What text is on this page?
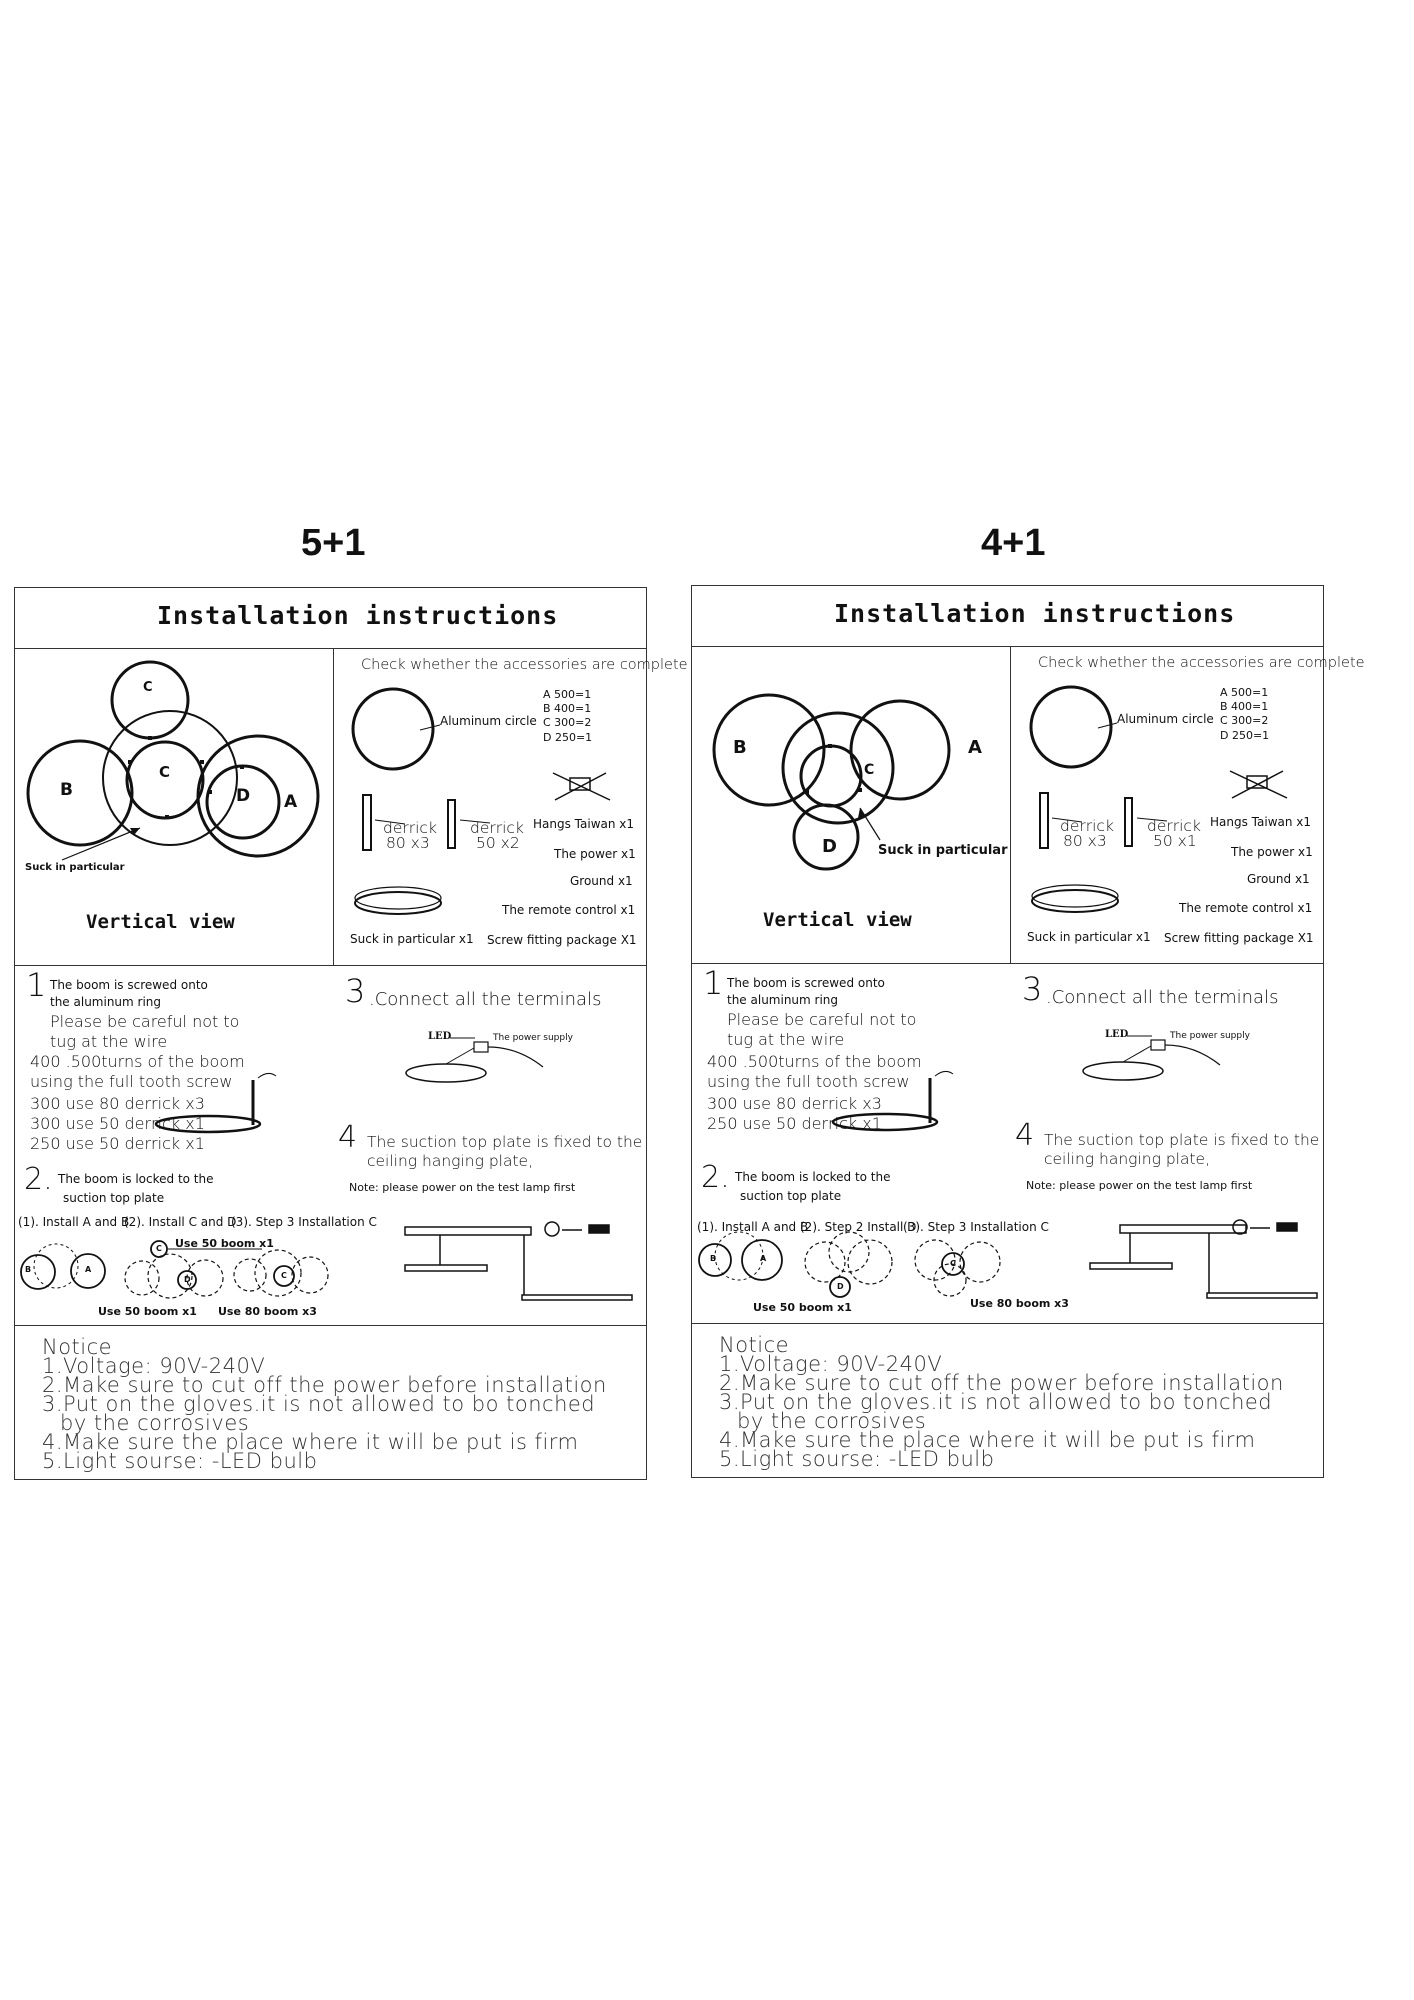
5+1
Installation instructions
C
C
B	D A
Suck in particular
Vertical view
Check whether the accessories are complete
Aluminum circle
A 500=1
B 400=1
C 300=2
D 250=1
derrick
80 x3
derrick
50 x2
Hangs Taiwan x1
The power x1
Ground x1
The remote control x1
Suck in particular x1 Screw fitting package X1
1 The boom is screwed onto
the aluminum ring
Please be careful not to
tug at the wire
400 .500turns of the boom
using the full tooth screw
300 use 80 derrick x3
300 use 50 derrick x1
250 use 50 derrick x1
2. The boom is locked to the
suction top plate
3 .Connect all the terminals
LED	The power supply
4 The suction top plate is fixed to the
ceiling hanging plate,
Note: please power on the test lamp first
(1). Install A and B
(2). Install C and D
(3). Step 3 Installation C
B	A
C
D	C
Use 50 boom x1
Use 50 boom x1 Use 80 boom x3
Notice
1.Voltage: 90V-240V
2.Make sure to cut off the power before installation
3.Put on the gloves.it is not allowed to bo tonched
by the corrosives
4.Make sure the place where it will be put is firm
5.Light sourse: -LED bulb
4+1
Installation instructions
B
C
A
D	Suck in particular
Vertical view
Check whether the accessories are complete
Aluminum circle
A 500=1
B 400=1
C 300=2
D 250=1
derrick
80 x3
derrick
50 x1
Hangs Taiwan x1
The power x1
Ground x1
The remote control x1
Suck in particular x1 Screw fitting package X1
1 The boom is screwed onto
the aluminum ring
Please be careful not to
tug at the wire
400 .500turns of the boom
using the full tooth screw
300 use 80 derrick x3
250 use 50 derrick x1
2. The boom is locked to the
suction top plate
3 .Connect all the terminals
LED	The power supply
4 The suction top plate is fixed to the
ceiling hanging plate,
Note: please power on the test lamp first
(1). Install A and B
(2). Step 2 Install D
(3). Step 3 Installation C
B	A
D
C
Use 50 boom x1	Use 80 boom x3
Notice
1.Voltage: 90V-240V
2.Make sure to cut off the power before installation
3.Put on the gloves.it is not allowed to bo tonched
by the corrosives
4.Make sure the place where it will be put is firm
5.Light sourse: -LED bulb
